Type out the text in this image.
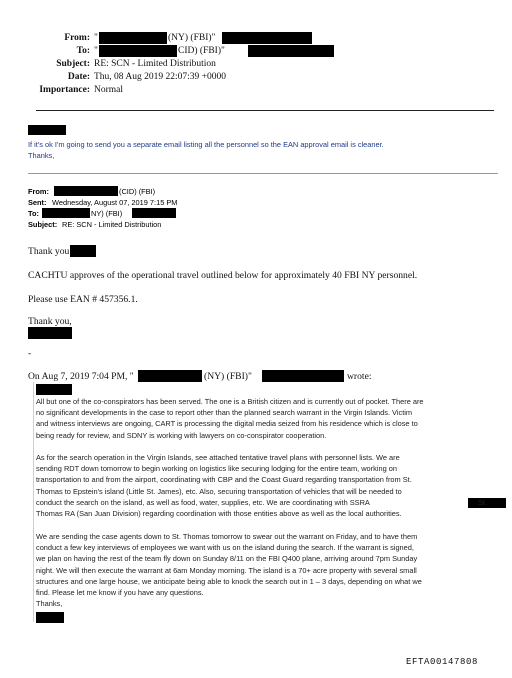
From: "	(NY) (FBI)"
To: "	CID) (FBI)"
Subject: RE: SCN - Limited Distribution
Date: Thu, 08 Aug 2019 22:07:39 +0000
Importance: Normal
If it's ok I'm going to send you a separate email listing all the personnel so the EAN approval email is cleaner.
Thanks,
From:	(CID) (FBI)
Sent: Wednesday, August 07, 2019 7:15 PM
To:	NY) (FBI)
Subject: RE: SCN - Limited Distribution
Thank you
CACHTU approves of the operational travel outlined below for approximately 40 FBI NY personnel.
Please use EAN # 457356.1.
Thank you,
-
On Aug 7, 2019 7:04 PM, "	(NY) (FBI)"	wrote:
All but one of the co-conspirators has been served. The one is a British citizen and is currently out of pocket. There are
no significant developments in the case to report other than the planned search warrant in the Virgin Islands. Victim
and witness interviews are ongoing, CART is processing the digital media seized from his residence which is close to
being ready for review, and SDNY is working with lawyers on co-conspirator cooperation.
As for the search operation in the Virgin Islands, see attached tentative travel plans with personnel lists. We are
sending RDT down tomorrow to begin working on logistics like securing lodging for the entire team, working on
transportation to and from the airport, coordinating with CBP and the Coast Guard regarding transportation from St.
Thomas to Epstein's island (Little St. James), etc. Also, securing transportation of vehicles that will be needed to
conduct the search on the island, as well as food, water, supplies, etc. We are coordinating with SSRA	St.
Thomas RA (San Juan Division) regarding coordination with those entities above as well as the local authorities.
We are sending the case agents down to St. Thomas tomorrow to swear out the warrant on Friday, and to have them
conduct a few key interviews of employees we want with us on the island during the search. If the warrant is signed,
we plan on having the rest of the team fly down on Sunday 8/11 on the FBI Q400 plane, arriving around 7pm Sunday
night. We will then execute the warrant at 6am Monday morning. The island is a 70+ acre property with several small
structures and one large house, we anticipate being able to knock the search out in 1 – 3 days, depending on what we
find. Please let me know if you have any questions.
Thanks,
EFTA00147808
